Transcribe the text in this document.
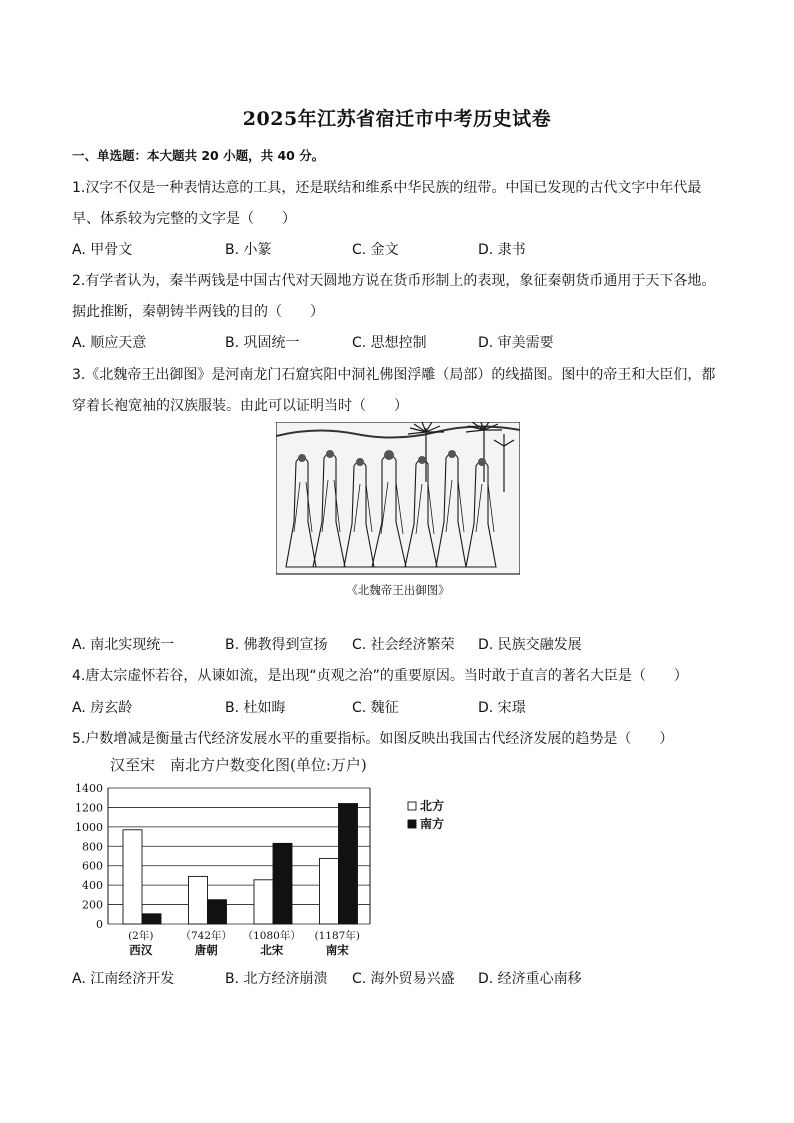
2025年江苏省宿迁市中考历史试卷
一、单选题：本大题共 20 小题，共 40 分。
1.汉字不仅是一种表情达意的工具，还是联结和维系中华民族的纽带。中国已发现的古代文字中年代最
早、体系较为完整的文字是（　　）
A. 甲骨文	B. 小篆	C. 金文	D. 隶书
2.有学者认为，秦半两钱是中国古代对天圆地方说在货币形制上的表现，象征秦朝货币通用于天下各地。
据此推断，秦朝铸半两钱的目的（　　）
A. 顺应天意	B. 巩固统一	C. 思想控制	D. 审美需要
3.《北魏帝王出御图》是河南龙门石窟宾阳中洞礼佛图浮雕（局部）的线描图。图中的帝王和大臣们，都
穿着长袍宽袖的汉族服装。由此可以证明当时（　　）
《北魏帝王出御图》
A. 南北实现统一	B. 佛教得到宣扬 C. 社会经济繁荣 D. 民族交融发展
4.唐太宗虚怀若谷，从谏如流，是出现“贞观之治”的重要原因。当时敢于直言的著名大臣是（　　）
A. 房玄龄	B. 杜如晦	C. 魏征	D. 宋璟
5.户数增减是衡量古代经济发展水平的重要指标。如图反映出我国古代经济发展的趋势是（　　）
汉至宋　南北方户数变化图(单位:万户)
0
200
400
600
800
1000
1200
1400
(2年)
西汉
（742年）
唐朝
（1080年）
北宋
(1187年)
南宋
北方
南方
A. 江南经济开发	B. 北方经济崩溃 C. 海外贸易兴盛 D. 经济重心南移
